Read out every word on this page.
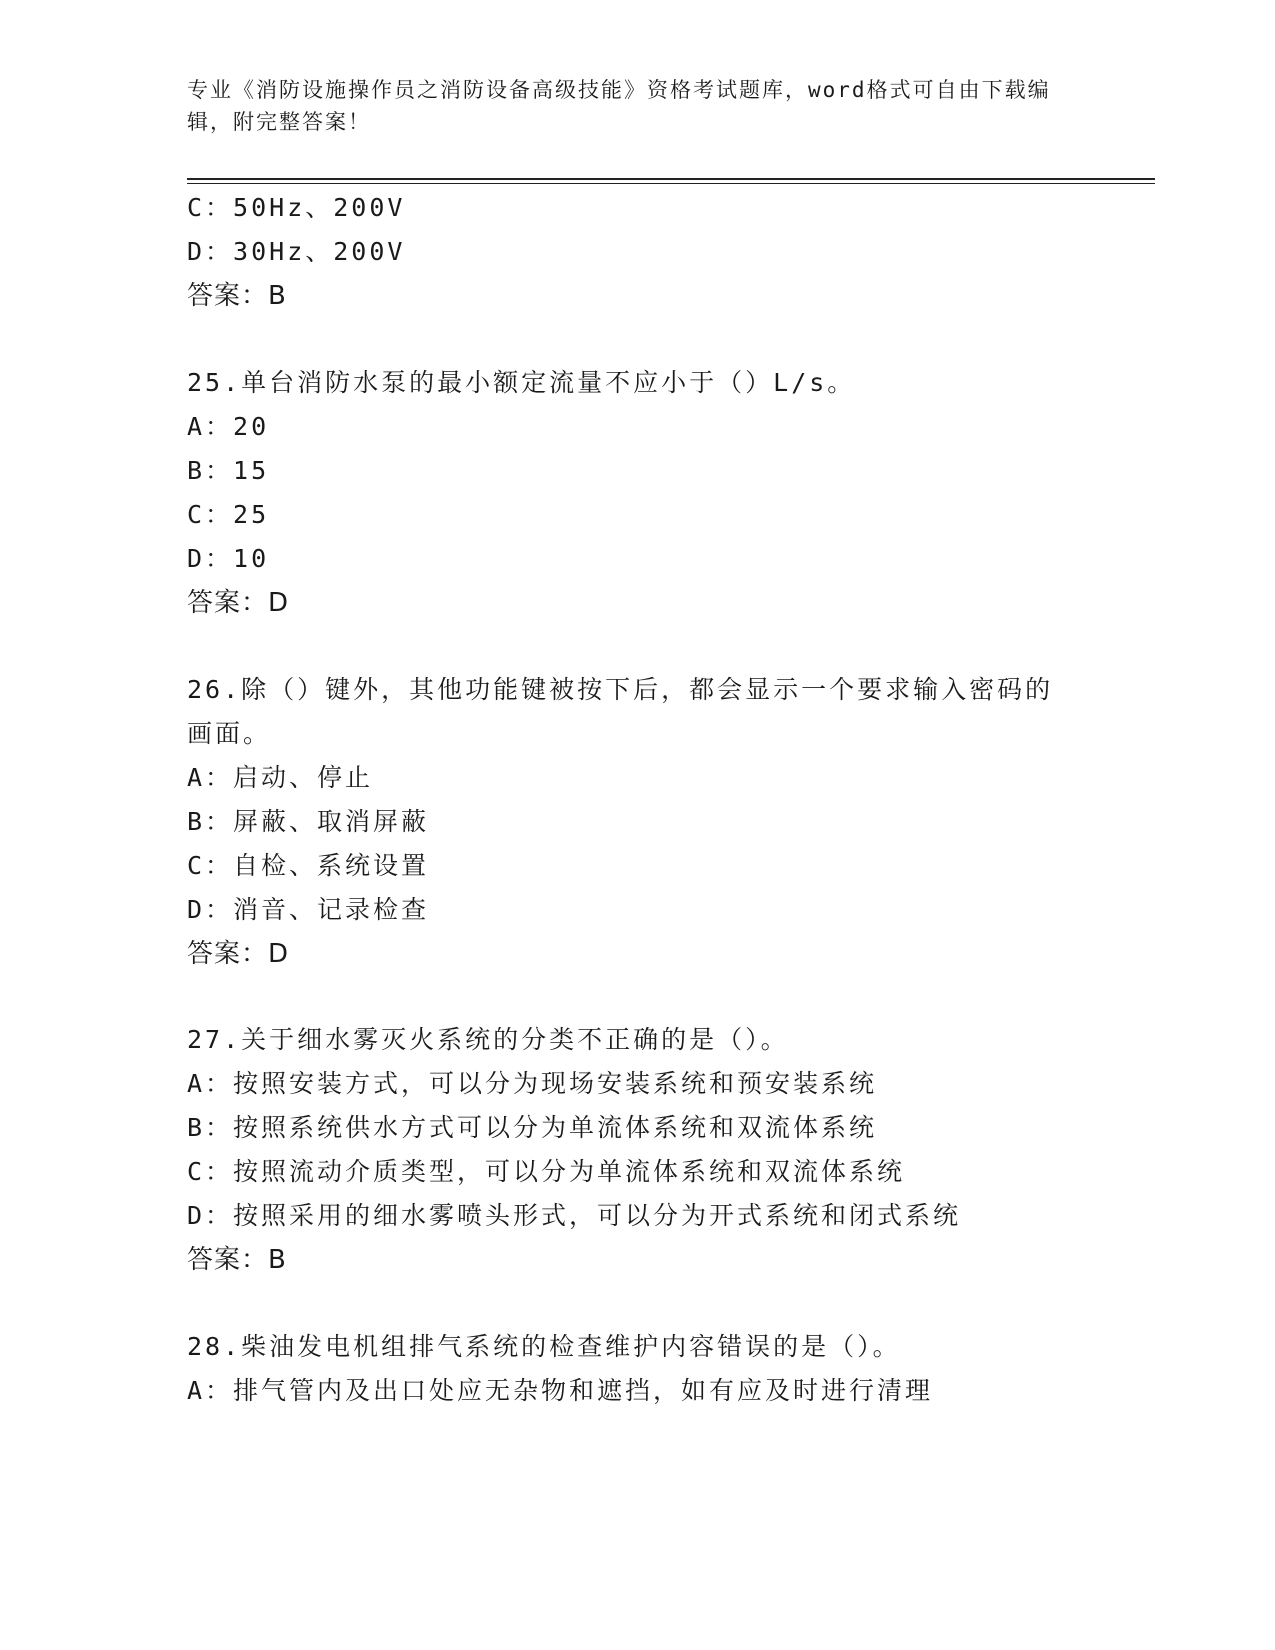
专业《消防设施操作员之消防设备高级技能》资格考试题库，word格式可自由下载编辑，附完整答案！
C：50Hz、200V
D：30Hz、200V
答案：B
25.单台消防水泵的最小额定流量不应小于（）L/s。
A：20
B：15
C：25
D：10
答案：D
26.除（）键外，其他功能键被按下后，都会显示一个要求输入密码的
画面。
A：启动、停止
B：屏蔽、取消屏蔽
C：自检、系统设置
D：消音、记录检查
答案：D
27.关于细水雾灭火系统的分类不正确的是（）。
A：按照安装方式，可以分为现场安装系统和预安装系统
B：按照系统供水方式可以分为单流体系统和双流体系统
C：按照流动介质类型，可以分为单流体系统和双流体系统
D：按照采用的细水雾喷头形式，可以分为开式系统和闭式系统
答案：B
28.柴油发电机组排气系统的检查维护内容错误的是（）。
A：排气管内及出口处应无杂物和遮挡，如有应及时进行清理
